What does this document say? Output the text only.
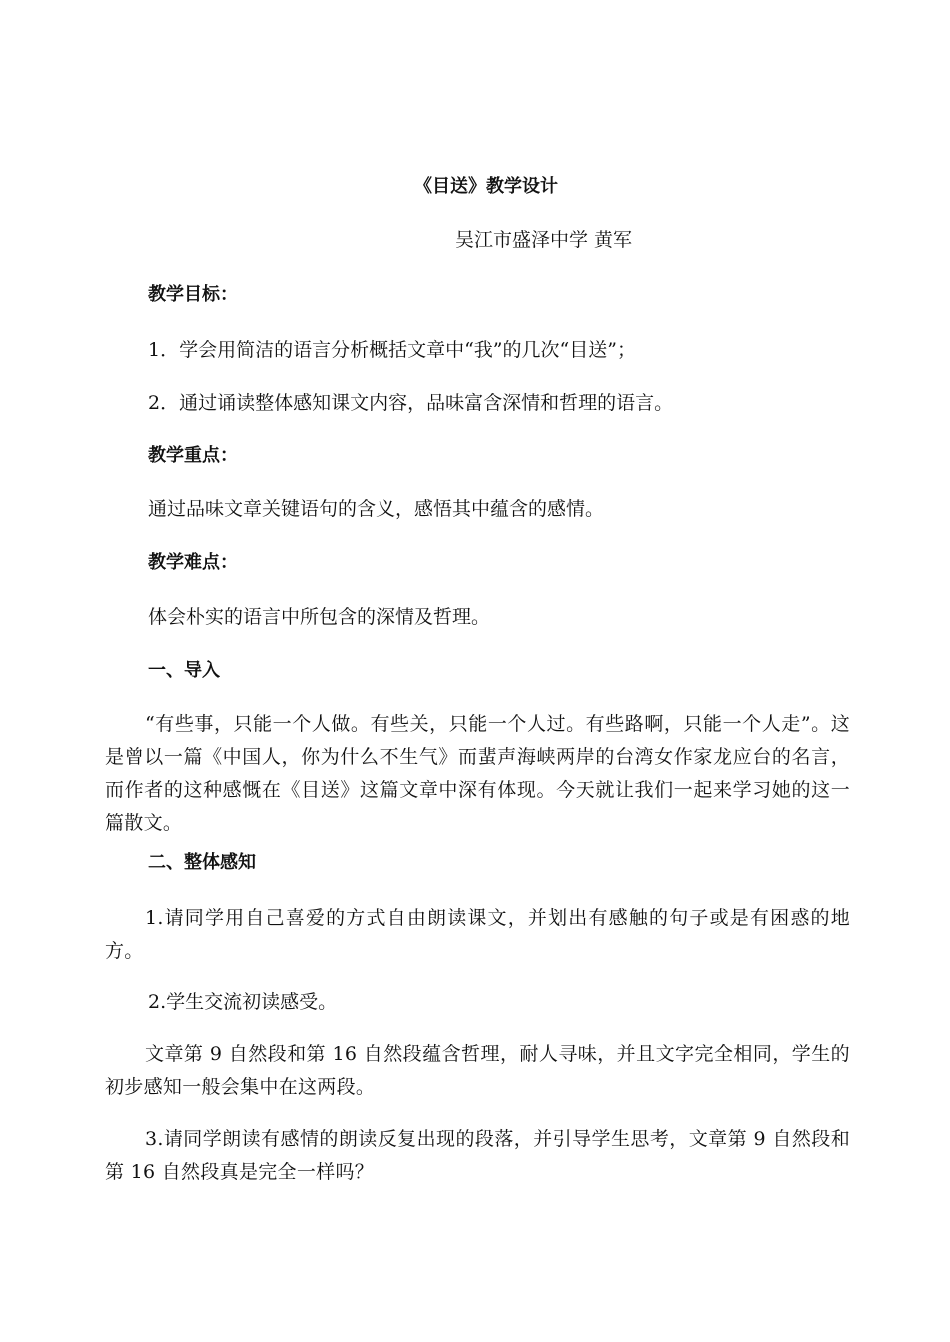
《目送》教学设计
吴江市盛泽中学 黄军
教学目标：
1．学会用简洁的语言分析概括文章中“我”的几次“目送”；
2．通过诵读整体感知课文内容，品味富含深情和哲理的语言。
教学重点：
通过品味文章关键语句的含义，感悟其中蕴含的感情。
教学难点：
体会朴实的语言中所包含的深情及哲理。
一、导入
“有些事，只能一个人做。有些关，只能一个人过。有些路啊，只能一个人走”。这是曾以一篇《中国人，你为什么不生气》而蜚声海峡两岸的台湾女作家龙应台的名言，而作者的这种感慨在《目送》这篇文章中深有体现。今天就让我们一起来学习她的这一篇散文。
二、整体感知
1.请同学用自己喜爱的方式自由朗读课文，并划出有感触的句子或是有困惑的地方。
2.学生交流初读感受。
文章第 9 自然段和第 16 自然段蕴含哲理，耐人寻味，并且文字完全相同，学生的初步感知一般会集中在这两段。
3.请同学朗读有感情的朗读反复出现的段落，并引导学生思考，文章第 9 自然段和第 16 自然段真是完全一样吗？
